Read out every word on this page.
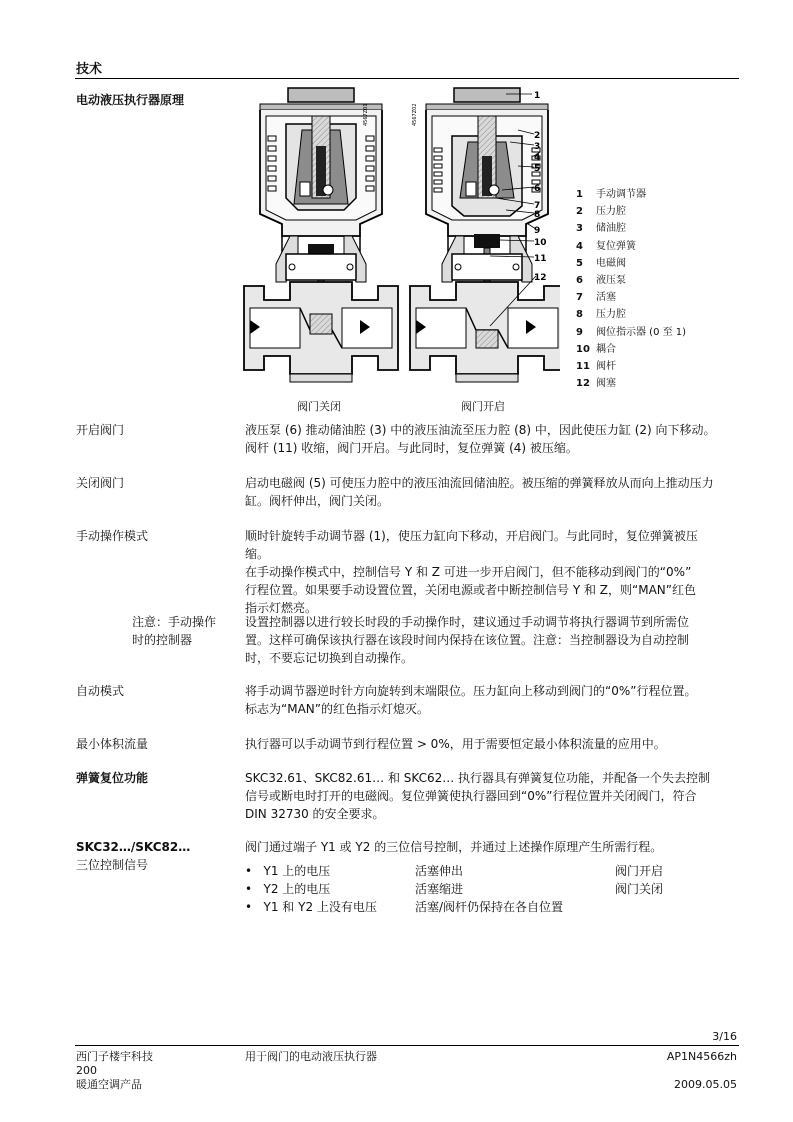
技术
电动液压执行器原理	1
2
3
4
5
6
7
8
9
10
11
12
4567Z01	4567Z02
阀门关闭	阀门开启
1 手动调节器
2 压力腔
3 储油腔
4 复位弹簧
5 电磁阀
6 液压泵
7 活塞
8 压力腔
9 阀位指示器 (0 至 1)
10 耦合
11 阀杆
12 阀塞
开启阀门	液压泵 (6) 推动储油腔 (3) 中的液压油流至压力腔 (8) 中，因此使压力缸 (2) 向下移动。

阀杆 (11) 收缩，阀门开启。与此同时，复位弹簧 (4) 被压缩。

关闭阀门	启动电磁阀 (5) 可使压力腔中的液压油流回储油腔。被压缩的弹簧释放从而向上推动压力

缸。阀杆伸出，阀门关闭。

手动操作模式	顺时针旋转手动调节器 (1)，使压力缸向下移动，开启阀门。与此同时，复位弹簧被压

缩。

在手动操作模式中，控制信号 Y 和 Z 可进一步开启阀门，但不能移动到阀门的“0%”

行程位置。如果要手动设置位置，关闭电源或者中断控制信号 Y 和 Z，则“MAN”红色

指示灯燃亮。

注意：手动操作
时的控制器

设置控制器以进行较长时段的手动操作时，建议通过手动调节将执行器调节到所需位

置。这样可确保该执行器在该段时间内保持在该位置。注意：当控制器设为自动控制

时，不要忘记切换到自动操作。

自动模式	将手动调节器逆时针方向旋转到末端限位。压力缸向上移动到阀门的“0%”行程位置。

标志为“MAN”的红色指示灯熄灭。

最小体积流量	执行器可以手动调节到行程位置 > 0%，用于需要恒定最小体积流量的应用中。

弹簧复位功能	SKC32.61、SKC82.61… 和 SKC62… 执行器具有弹簧复位功能，并配备一个失去控制

信号或断电时打开的电磁阀。复位弹簧使执行器回到“0%”行程位置并关闭阀门，符合

DIN 32730 的安全要求。

SKC32…/SKC82…
三位控制信号
阀门通过端子 Y1 或 Y2 的三位信号控制，并通过上述操作原理产生所需行程。
•   Y1 上的电压	活塞伸出	阀门开启
•   Y2 上的电压	活塞缩进	阀门关闭
•   Y1 和 Y2 上没有电压	活塞/阀杆仍保持在各自位置
3/16
西门子楼宇科技
200
暖通空调产品
用于阀门的电动液压执行器	AP1N4566zh
2009.05.05
